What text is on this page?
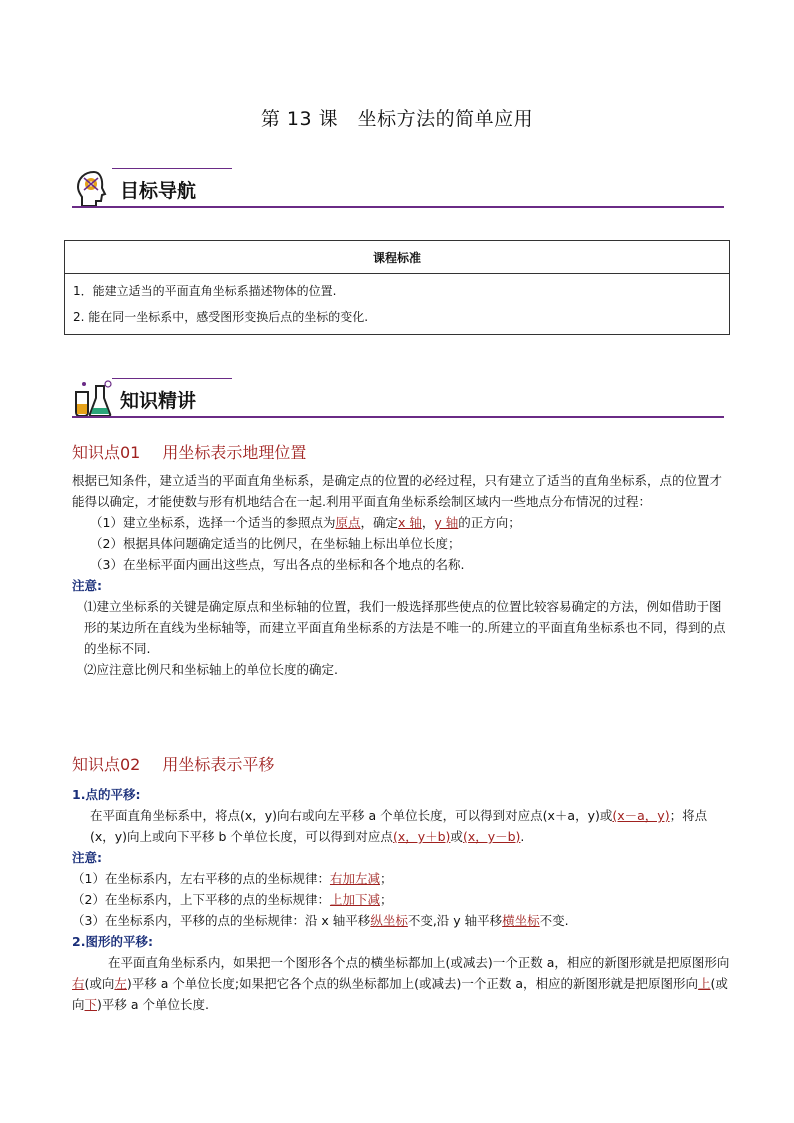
第 13 课　坐标方法的简单应用
目标导航
课程标准

1．能建立适当的平面直角坐标系描述物体的位置.
2. 能在同一坐标系中，感受图形变换后点的坐标的变化.
知识精讲
知识点01 用坐标表示地理位置
根据已知条件，建立适当的平面直角坐标系，是确定点的位置的必经过程，只有建立了适当的直角坐标系，点的位置才能得以确定，才能使数与形有机地结合在一起.利用平面直角坐标系绘制区域内一些地点分布情况的过程：
（1）建立坐标系，选择一个适当的参照点为原点，确定x 轴，y 轴的正方向；
（2）根据具体问题确定适当的比例尺，在坐标轴上标出单位长度；
（3）在坐标平面内画出这些点，写出各点的坐标和各个地点的名称.
注意:
⑴建立坐标系的关键是确定原点和坐标轴的位置，我们一般选择那些使点的位置比较容易确定的方法，例如借助于图形的某边所在直线为坐标轴等，而建立平面直角坐标系的方法是不唯一的.所建立的平面直角坐标系也不同，得到的点的坐标不同.
⑵应注意比例尺和坐标轴上的单位长度的确定.
知识点02 用坐标表示平移
1.点的平移:
在平面直角坐标系中，将点(x，y)向右或向左平移 a 个单位长度，可以得到对应点(x＋a，y)或(x－a，y)；将点(x，y)向上或向下平移 b 个单位长度，可以得到对应点(x，y＋b)或(x，y－b).
注意:
（1）在坐标系内，左右平移的点的坐标规律：右加左减；
（2）在坐标系内，上下平移的点的坐标规律：上加下减；
（3）在坐标系内，平移的点的坐标规律：沿 x 轴平移纵坐标不变,沿 y 轴平移横坐标不变.
2.图形的平移:
在平面直角坐标系内，如果把一个图形各个点的横坐标都加上(或减去)一个正数 a，相应的新图形就是把原图形向右(或向左)平移 a 个单位长度;如果把它各个点的纵坐标都加上(或减去)一个正数 a，相应的新图形就是把原图形向上(或向下)平移 a 个单位长度.
